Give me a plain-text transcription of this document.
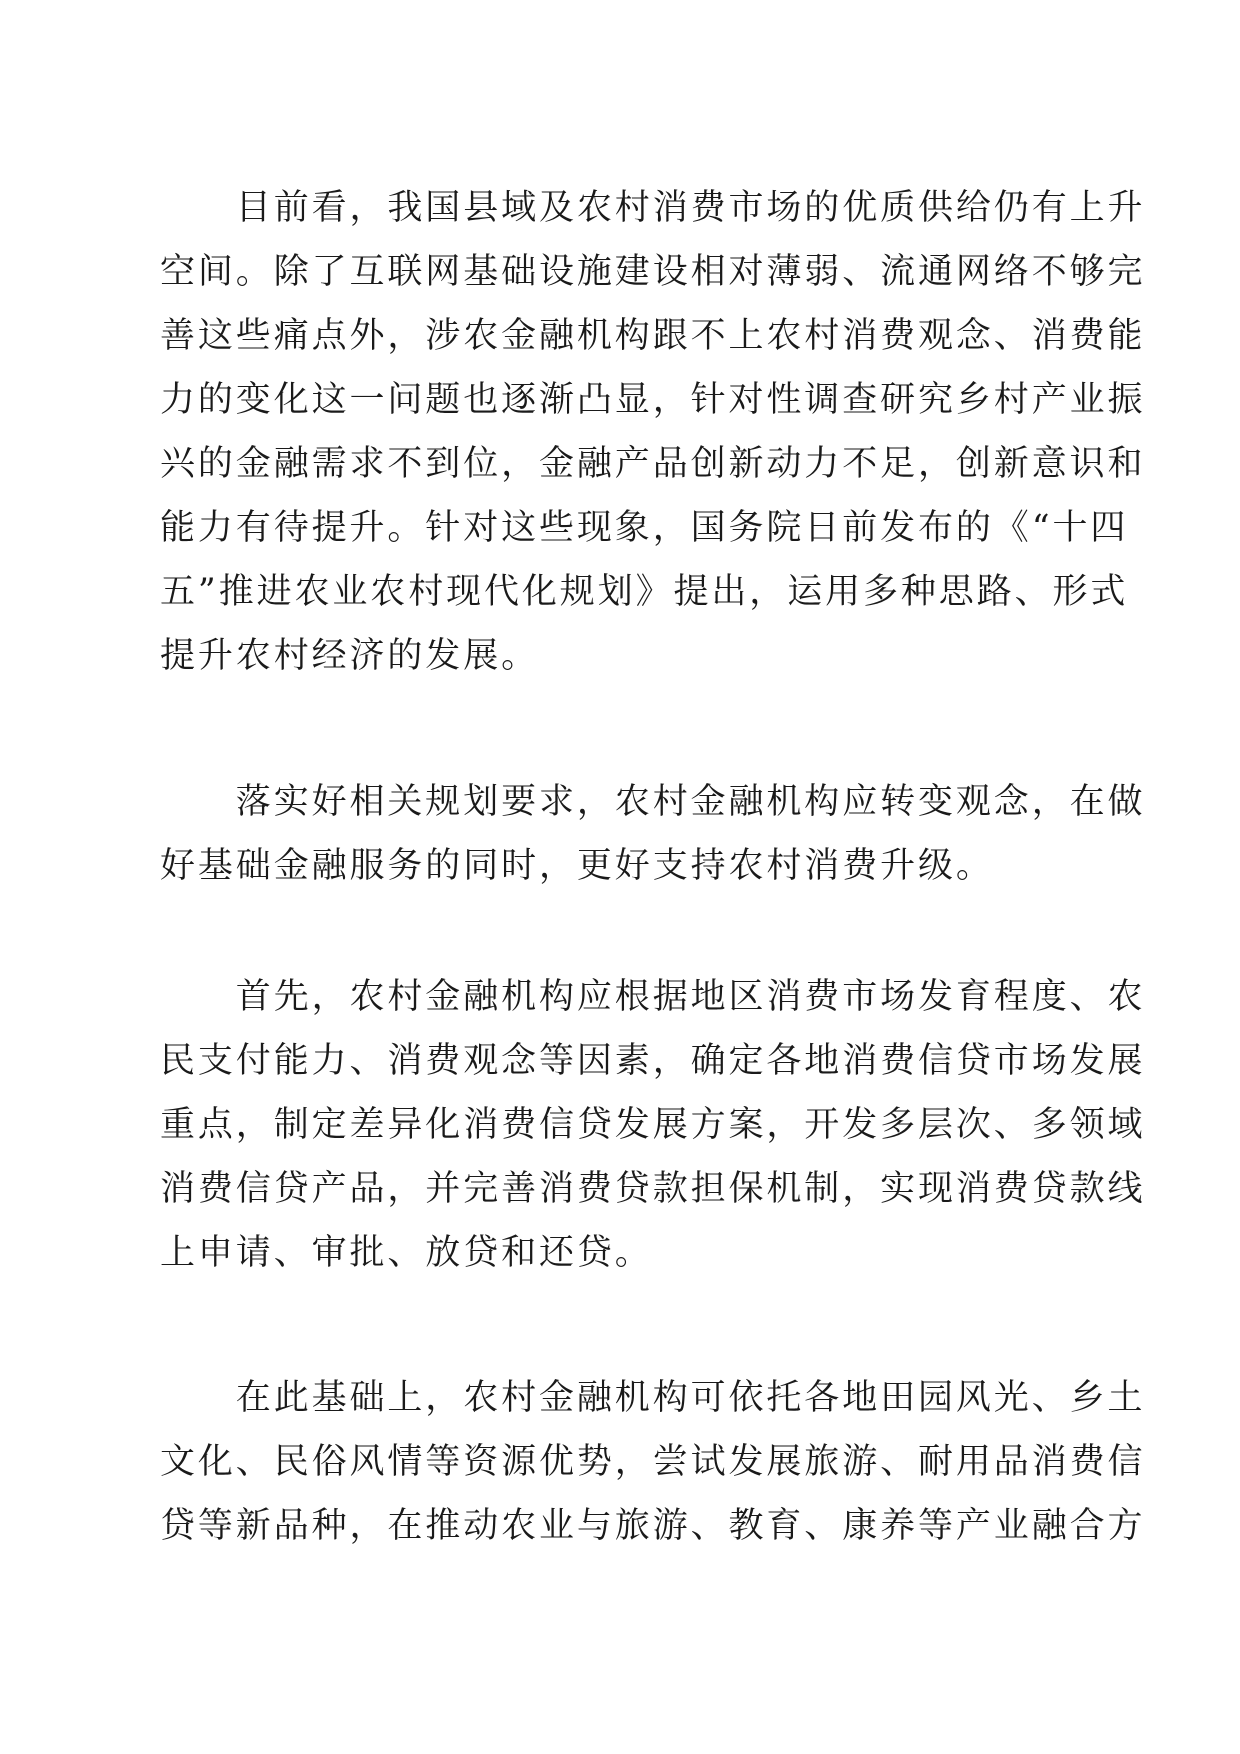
　　目前看，我国县域及农村消费市场的优质供给仍有上升
空间。除了互联网基础设施建设相对薄弱、流通网络不够完
善这些痛点外，涉农金融机构跟不上农村消费观念、消费能
力的变化这一问题也逐渐凸显，针对性调查研究乡村产业振
兴的金融需求不到位，金融产品创新动力不足，创新意识和
能力有待提升。针对这些现象，国务院日前发布的《“十四
五”推进农业农村现代化规划》提出，运用多种思路、形式
提升农村经济的发展。
　　落实好相关规划要求，农村金融机构应转变观念，在做
好基础金融服务的同时，更好支持农村消费升级。
　　首先，农村金融机构应根据地区消费市场发育程度、农
民支付能力、消费观念等因素，确定各地消费信贷市场发展
重点，制定差异化消费信贷发展方案，开发多层次、多领域
消费信贷产品，并完善消费贷款担保机制，实现消费贷款线
上申请、审批、放贷和还贷。
　　在此基础上，农村金融机构可依托各地田园风光、乡土
文化、民俗风情等资源优势，尝试发展旅游、耐用品消费信
贷等新品种，在推动农业与旅游、教育、康养等产业融合方
